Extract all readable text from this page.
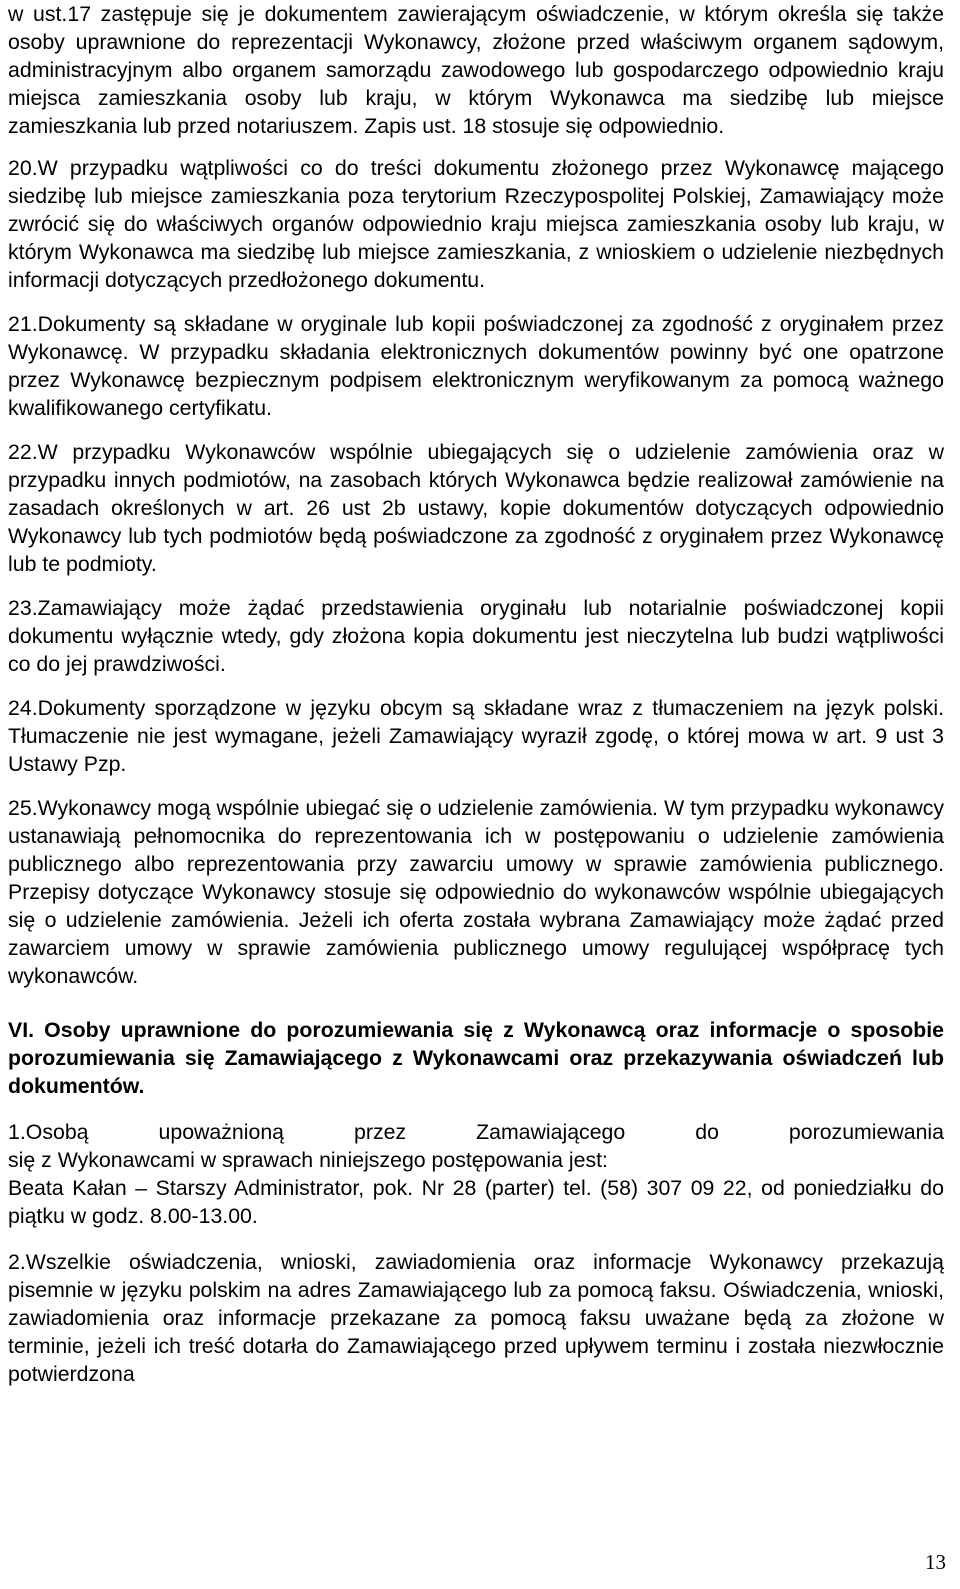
w ust.17 zastępuje się je dokumentem zawierającym oświadczenie, w którym określa się także osoby uprawnione do reprezentacji Wykonawcy, złożone przed właściwym organem sądowym, administracyjnym albo organem samorządu zawodowego lub gospodarczego odpowiednio kraju miejsca zamieszkania osoby lub kraju, w którym Wykonawca ma siedzibę lub miejsce zamieszkania lub przed notariuszem. Zapis ust. 18 stosuje się odpowiednio.

20.W przypadku wątpliwości co do treści dokumentu złożonego przez Wykonawcę mającego siedzibę lub miejsce zamieszkania poza terytorium Rzeczypospolitej Polskiej, Zamawiający może zwrócić się do właściwych organów odpowiednio kraju miejsca zamieszkania osoby lub kraju, w którym Wykonawca ma siedzibę lub miejsce zamieszkania, z wnioskiem o udzielenie niezbędnych informacji dotyczących przedłożonego dokumentu.

21.Dokumenty są składane w oryginale lub kopii poświadczonej za zgodność z oryginałem przez Wykonawcę. W przypadku składania elektronicznych dokumentów powinny być one opatrzone przez Wykonawcę bezpiecznym podpisem elektronicznym weryfikowanym za pomocą ważnego kwalifikowanego certyfikatu.

22.W przypadku Wykonawców wspólnie ubiegających się o udzielenie zamówienia oraz w przypadku innych podmiotów, na zasobach których Wykonawca będzie realizował zamówienie na zasadach określonych w art. 26 ust 2b ustawy, kopie dokumentów dotyczących odpowiednio Wykonawcy lub tych podmiotów będą poświadczone za zgodność z oryginałem przez Wykonawcę lub te podmioty.

23.Zamawiający może żądać przedstawienia oryginału lub notarialnie poświadczonej kopii dokumentu wyłącznie wtedy, gdy złożona kopia dokumentu jest nieczytelna lub budzi wątpliwości co do jej prawdziwości.

24.Dokumenty sporządzone w języku obcym są składane wraz z tłumaczeniem na język polski. Tłumaczenie nie jest wymagane, jeżeli Zamawiający wyraził zgodę, o której mowa w art. 9 ust 3 Ustawy Pzp.

25.Wykonawcy mogą wspólnie ubiegać się o udzielenie zamówienia. W tym przypadku wykonawcy ustanawiają pełnomocnika do reprezentowania ich w postępowaniu o udzielenie zamówienia publicznego albo reprezentowania przy zawarciu umowy w sprawie zamówienia publicznego. Przepisy dotyczące Wykonawcy stosuje się odpowiednio do wykonawców wspólnie ubiegających się o udzielenie zamówienia. Jeżeli ich oferta została wybrana Zamawiający może żądać przed zawarciem umowy w sprawie zamówienia publicznego umowy regulującej współpracę tych wykonawców.

VI. Osoby uprawnione do porozumiewania się z Wykonawcą oraz informacje o sposobie porozumiewania się Zamawiającego z Wykonawcami oraz przekazywania oświadczeń lub dokumentów.

1.Osobą upoważnioną przez Zamawiającego do porozumiewania
się z Wykonawcami w sprawach niniejszego postępowania jest:

Beata Kałan – Starszy Administrator, pok. Nr 28 (parter) tel. (58) 307 09 22, od poniedziałku do piątku w godz. 8.00-13.00.

2.Wszelkie oświadczenia, wnioski, zawiadomienia oraz informacje Wykonawcy przekazują pisemnie w języku polskim na adres Zamawiającego lub za pomocą faksu. Oświadczenia, wnioski, zawiadomienia oraz informacje przekazane za pomocą faksu uważane będą za złożone w terminie, jeżeli ich treść dotarła do Zamawiającego przed upływem terminu i została niezwłocznie potwierdzona

13
